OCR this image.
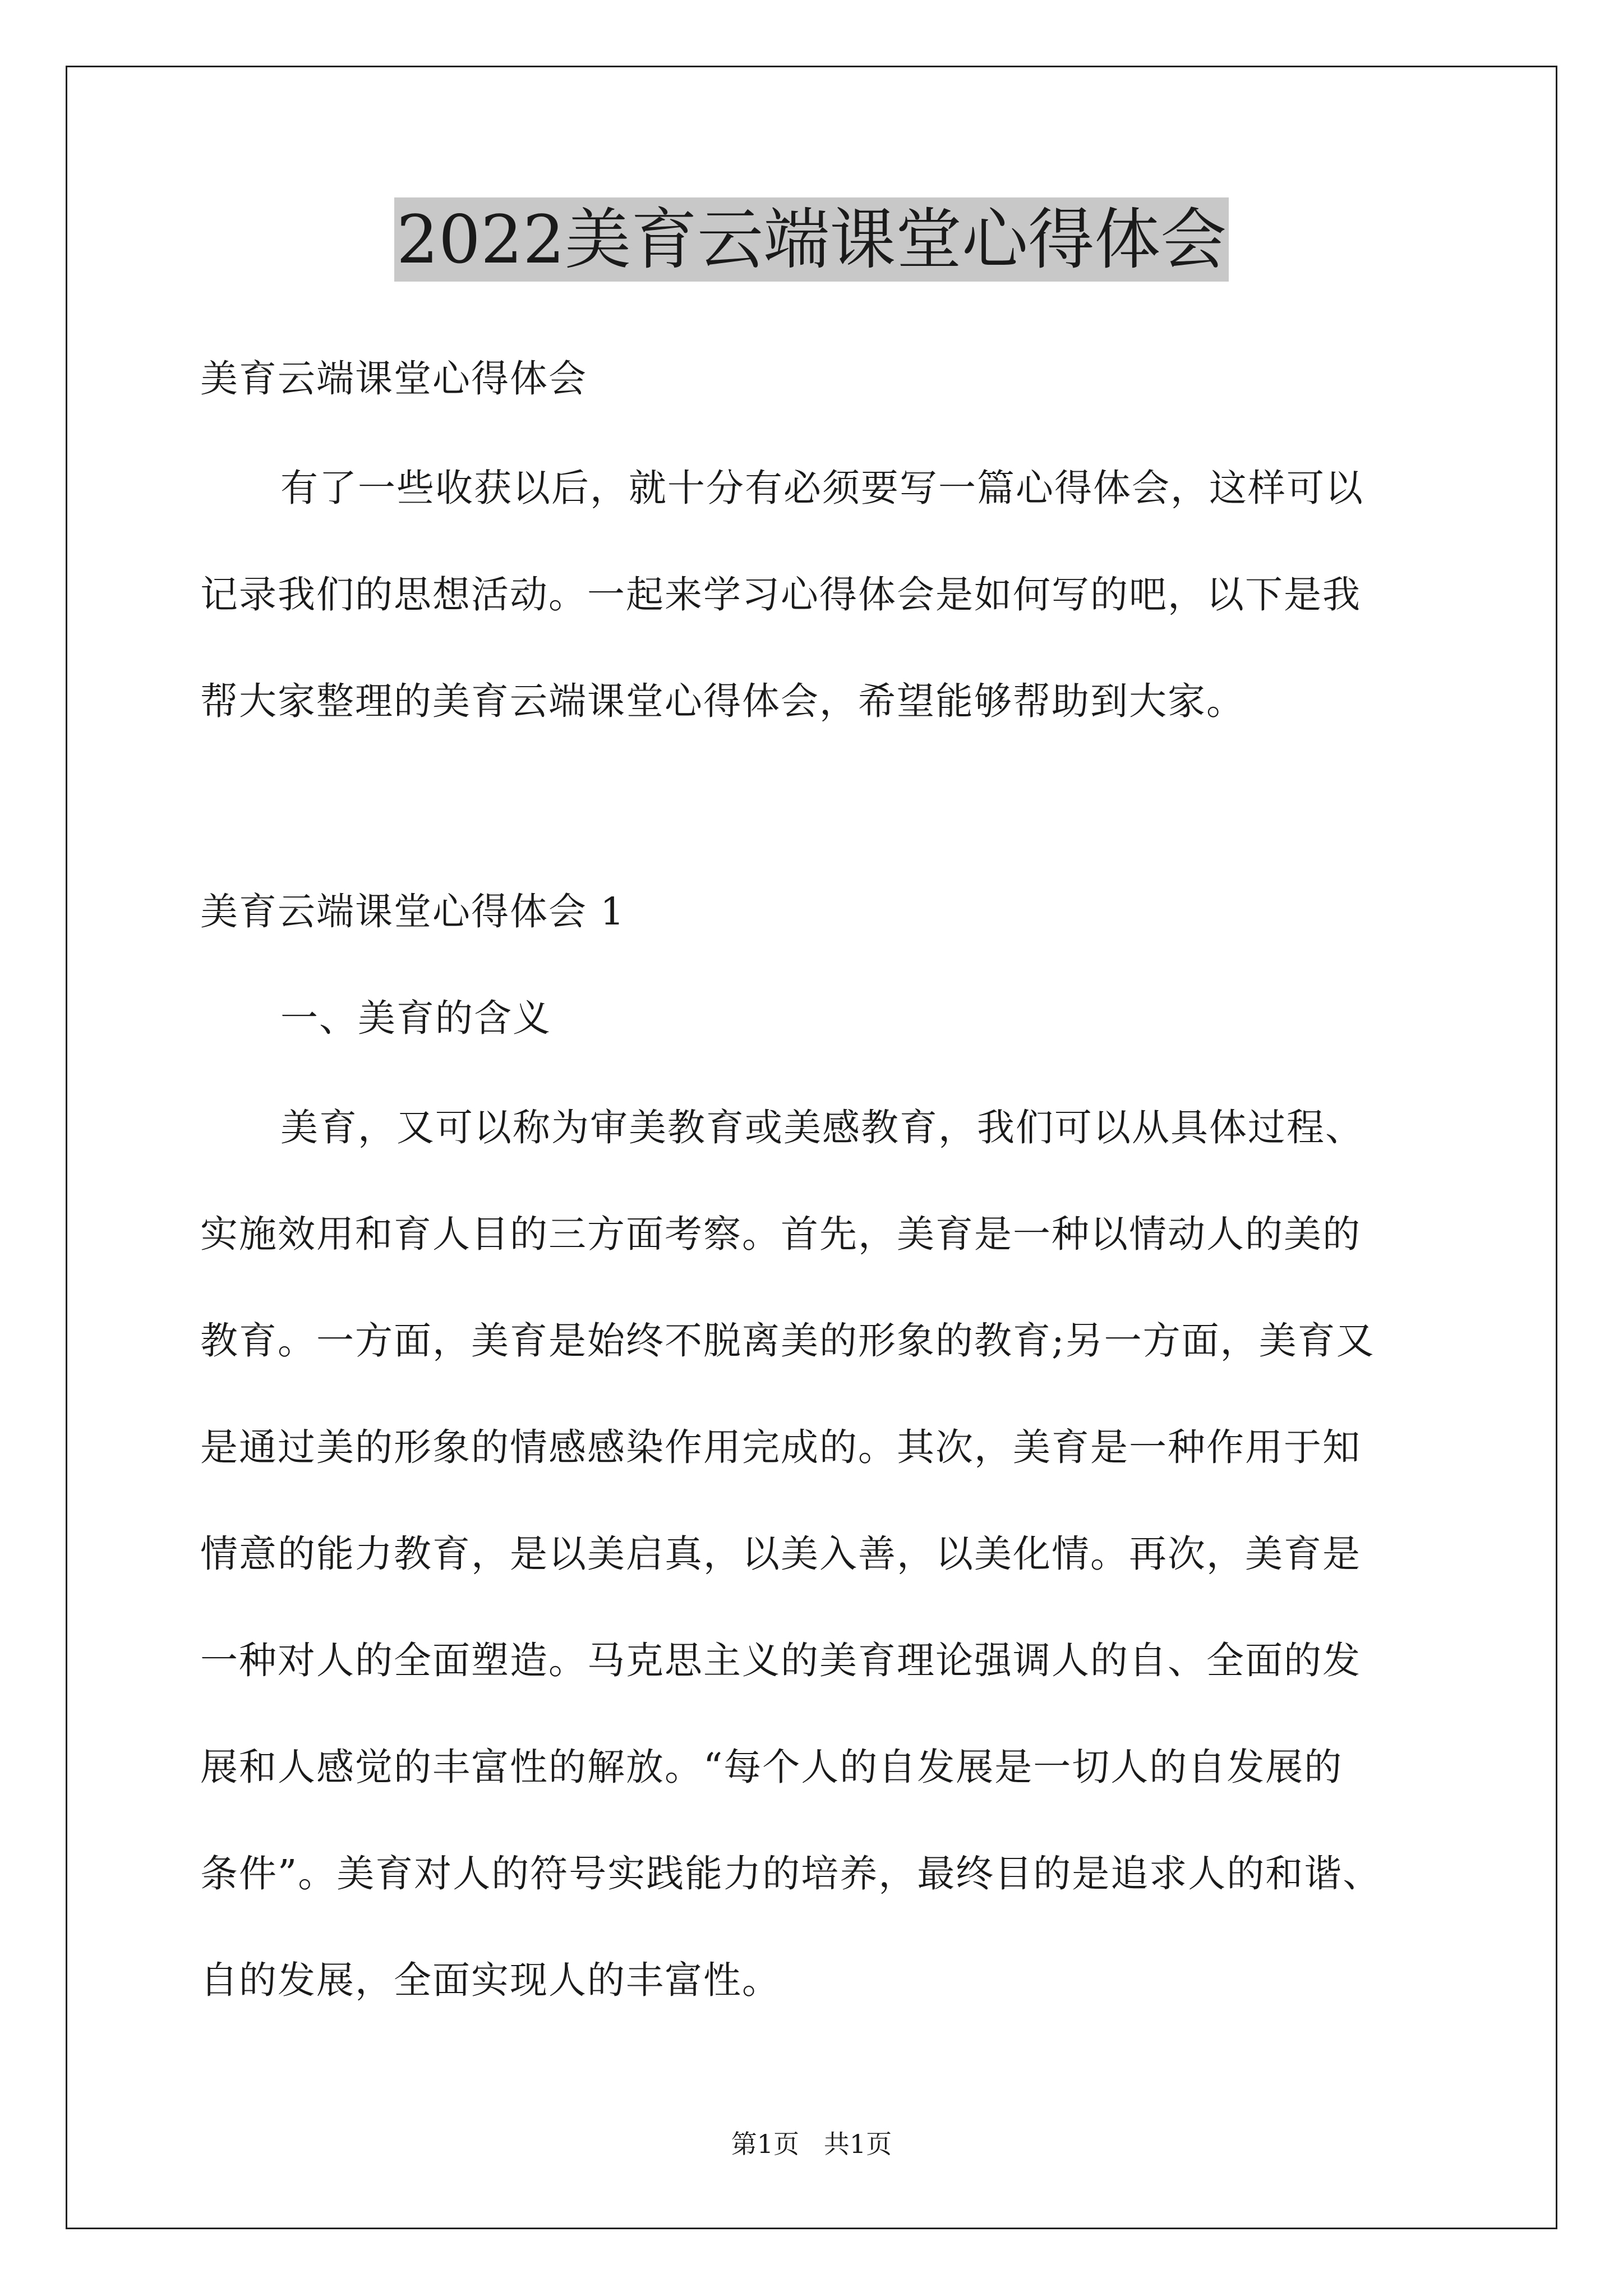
2022美育云端课堂心得体会
美育云端课堂心得体会
有了一些收获以后，就十分有必须要写一篇心得体会，这样可以
记录我们的思想活动。一起来学习心得体会是如何写的吧，以下是我
帮大家整理的美育云端课堂心得体会，希望能够帮助到大家。
美育云端课堂心得体会 1
一、美育的含义
美育，又可以称为审美教育或美感教育，我们可以从具体过程、
实施效用和育人目的三方面考察。首先，美育是一种以情动人的美的
教育。一方面，美育是始终不脱离美的形象的教育;另一方面，美育又
是通过美的形象的情感感染作用完成的。其次，美育是一种作用于知
情意的能力教育，是以美启真，以美入善，以美化情。再次，美育是
一种对人的全面塑造。马克思主义的美育理论强调人的自、全面的发
展和人感觉的丰富性的解放。“每个人的自发展是一切人的自发展的
条件”。美育对人的符号实践能力的培养，最终目的是追求人的和谐、
自的发展，全面实现人的丰富性。
第1页   共1页
